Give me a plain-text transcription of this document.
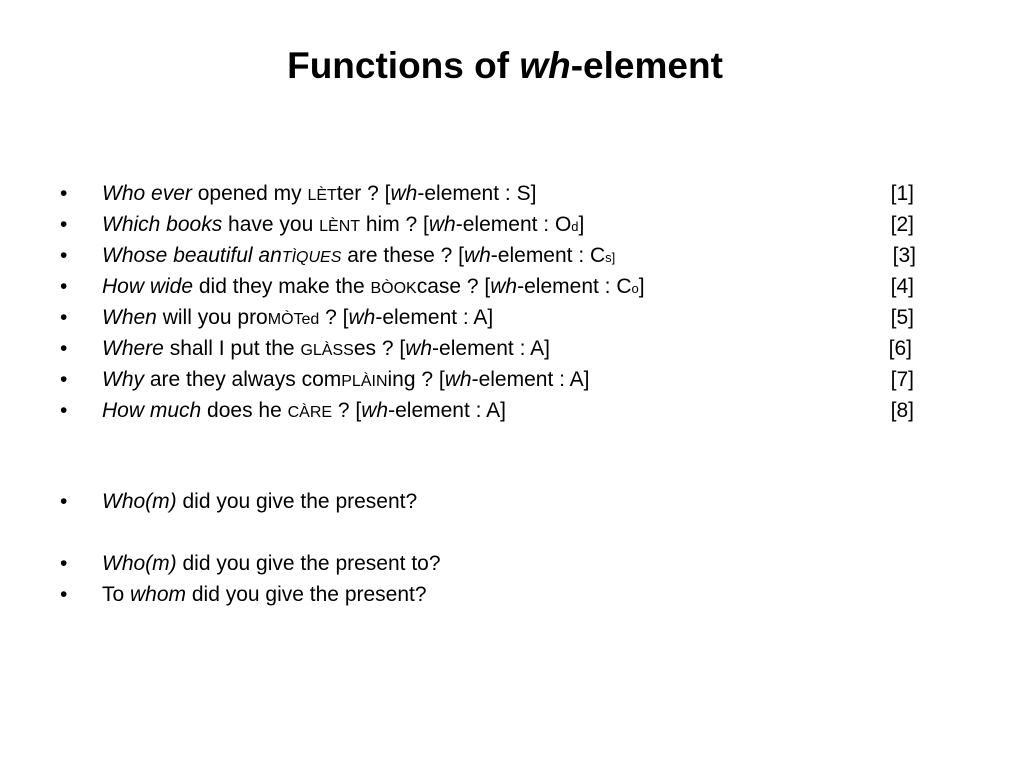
Functions of wh-element
• Who ever opened my LÈTter ? [wh-element : S]	[1]
• Which books have you LÈNT him ? [wh-element : Od]	[2]
• Whose beautiful anTÌQUES are these ? [wh-element : Cs]	[3]
• How wide did they make the BÒOKcase ? [wh-element : Co]	[4]
• When will you proMÒTed ? [wh-element : A]	[5]
• Where shall I put the GLÀSSes ? [wh-element : A]	[6]
• Why are they always comPLÀINing ? [wh-element : A]	[7]
• How much does he CÀRE ? [wh-element : A]	[8]
• Who(m) did you give the present?
• Who(m) did you give the present to?
• To whom did you give the present?
